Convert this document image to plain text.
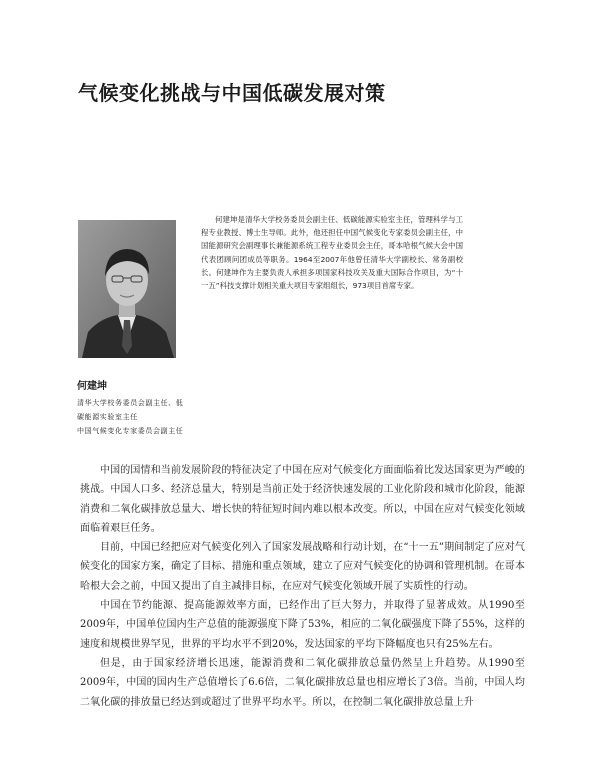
气候变化挑战与中国低碳发展对策

何建坤是清华大学校务委员会副主任、低碳能源实验室主任，管理科学与工程专业教授、博士生导师。此外，他还担任中国气候变化专家委员会副主任，中国能源研究会副理事长兼能源系统工程专业委员会主任，哥本哈根气候大会中国代表团顾问团成员等职务。1964至2007年他曾任清华大学副校长、常务副校长。何建坤作为主要负责人承担多项国家科技攻关及重大国际合作项目，为“十一五”科技支撑计划相关重大项目专家组组长，973项目首席专家。

何建坤

清华大学校务委员会副主任、低

碳能源实验室主任

中国气候变化专家委员会副主任

中国的国情和当前发展阶段的特征决定了中国在应对气候变化方面面临着比发达国家更为严峻的挑战。中国人口多、经济总量大，特别是当前正处于经济快速发展的工业化阶段和城市化阶段，能源消费和二氧化碳排放总量大、增长快的特征短时间内难以根本改变。所以，中国在应对气候变化领域面临着艰巨任务。

目前，中国已经把应对气候变化列入了国家发展战略和行动计划，在“十一五”期间制定了应对气候变化的国家方案，确定了目标、措施和重点领域，建立了应对气候变化的协调和管理机制。在哥本哈根大会之前，中国又提出了自主减排目标，在应对气候变化领域开展了实质性的行动。

中国在节约能源、提高能源效率方面，已经作出了巨大努力，并取得了显著成效。从1990至2009年，中国单位国内生产总值的能源强度下降了53%，相应的二氧化碳强度下降了55%，这样的速度和规模世界罕见，世界的平均水平不到20%，发达国家的平均下降幅度也只有25%左右。

但是，由于国家经济增长迅速，能源消费和二氧化碳排放总量仍然呈上升趋势。从1990至2009年，中国的国内生产总值增长了6.6倍，二氧化碳排放总量也相应增长了3倍。当前，中国人均二氧化碳的排放量已经达到或超过了世界平均水平。所以，在控制二氧化碳排放总量上升
